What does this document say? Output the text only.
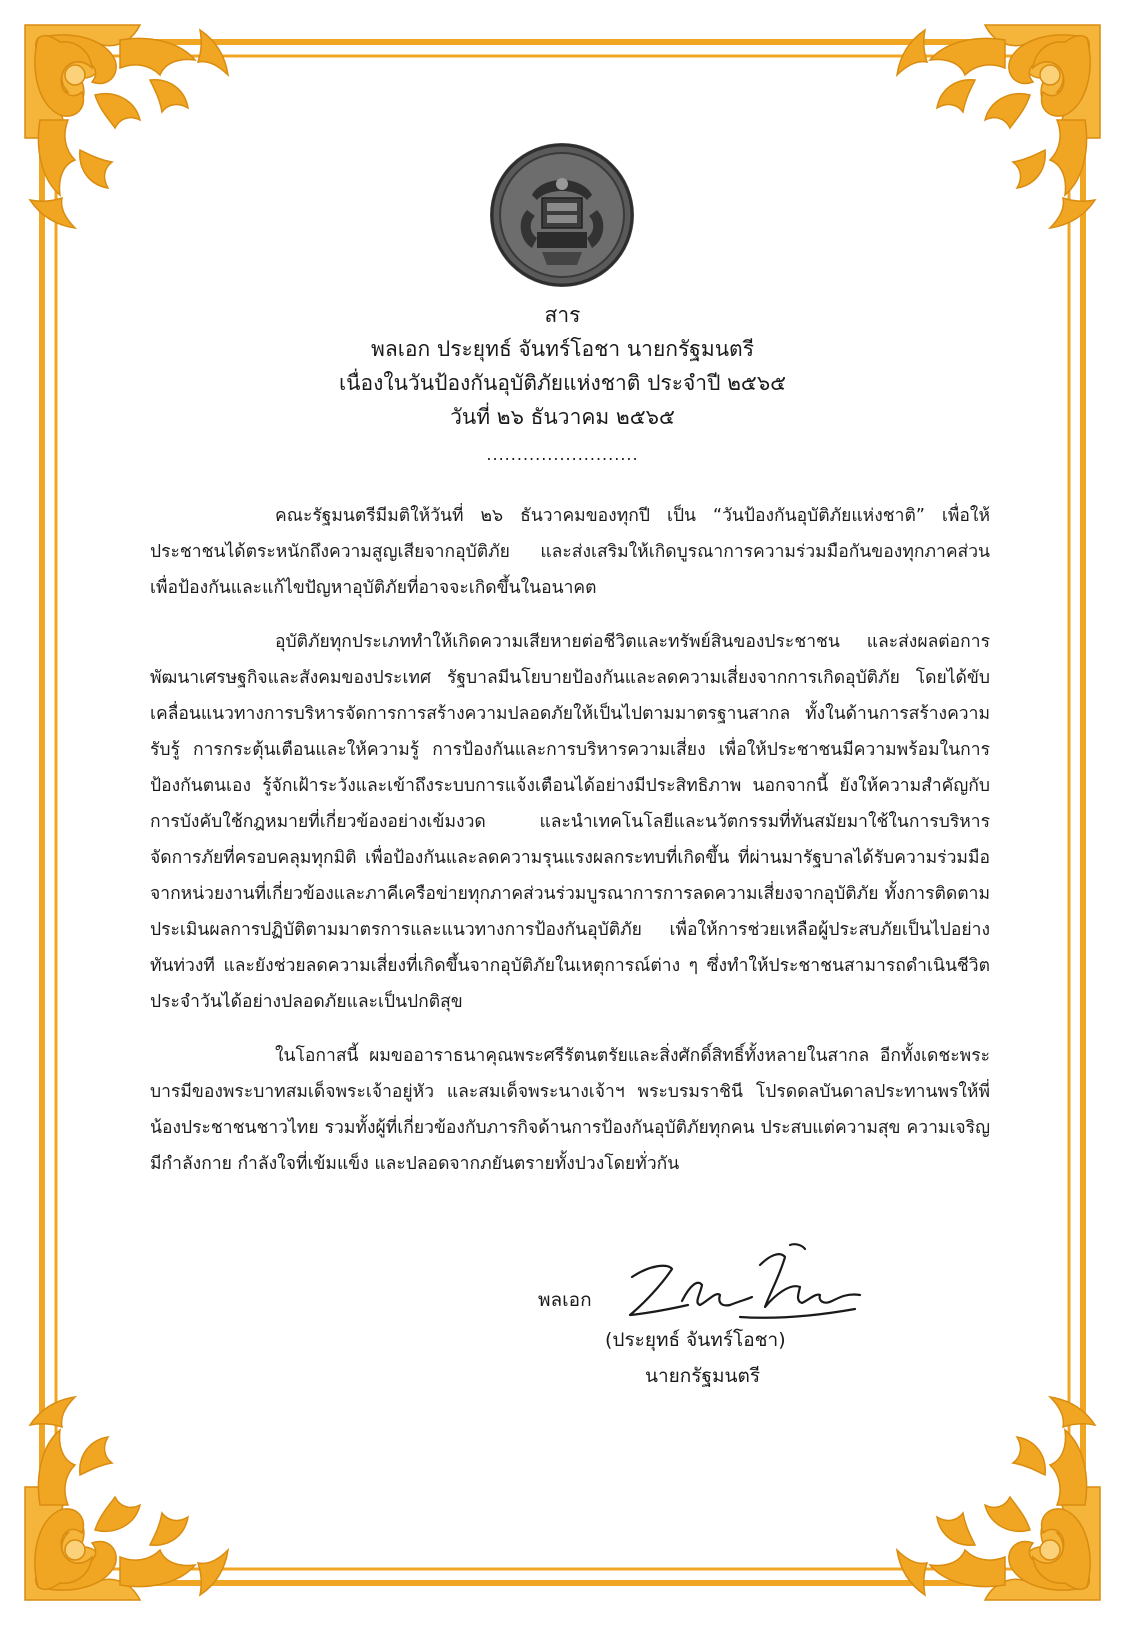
สาร
พลเอก ประยุทธ์ จันทร์โอชา นายกรัฐมนตรี
เนื่องในวันป้องกันอุบัติภัยแห่งชาติ ประจำปี ๒๕๖๕
วันที่ ๒๖ ธันวาคม ๒๕๖๕
.........................

คณะรัฐมนตรีมีมติให้วันที่ ๒๖ ธันวาคมของทุกปี เป็น “วันป้องกันอุบัติภัยแห่งชาติ” เพื่อให้ประชาชนได้ตระหนักถึงความสูญเสียจากอุบัติภัย และส่งเสริมให้เกิดบูรณาการความร่วมมือกันของทุกภาคส่วน เพื่อป้องกันและแก้ไขปัญหาอุบัติภัยที่อาจจะเกิดขึ้นในอนาคต

อุบัติภัยทุกประเภททำให้เกิดความเสียหายต่อชีวิตและทรัพย์สินของประชาชน และส่งผลต่อการพัฒนาเศรษฐกิจและสังคมของประเทศ รัฐบาลมีนโยบายป้องกันและลดความเสี่ยงจากการเกิดอุบัติภัย โดยได้ขับเคลื่อนแนวทางการบริหารจัดการการสร้างความปลอดภัยให้เป็นไปตามมาตรฐานสากล ทั้งในด้านการสร้างความรับรู้ การกระตุ้นเตือนและให้ความรู้ การป้องกันและการบริหารความเสี่ยง เพื่อให้ประชาชนมีความพร้อมในการป้องกันตนเอง รู้จักเฝ้าระวังและเข้าถึงระบบการแจ้งเตือนได้อย่างมีประสิทธิภาพ นอกจากนี้ ยังให้ความสำคัญกับการบังคับใช้กฎหมายที่เกี่ยวข้องอย่างเข้มงวด และนำเทคโนโลยีและนวัตกรรมที่ทันสมัยมาใช้ในการบริหารจัดการภัยที่ครอบคลุมทุกมิติ เพื่อป้องกันและลดความรุนแรงผลกระทบที่เกิดขึ้น ที่ผ่านมารัฐบาลได้รับความร่วมมือจากหน่วยงานที่เกี่ยวข้องและภาคีเครือข่ายทุกภาคส่วนร่วมบูรณาการการลดความเสี่ยงจากอุบัติภัย ทั้งการติดตามประเมินผลการปฏิบัติตามมาตรการและแนวทางการป้องกันอุบัติภัย เพื่อให้การช่วยเหลือผู้ประสบภัยเป็นไปอย่างทันท่วงที และยังช่วยลดความเสี่ยงที่เกิดขึ้นจากอุบัติภัยในเหตุการณ์ต่าง ๆ ซึ่งทำให้ประชาชนสามารถดำเนินชีวิตประจำวันได้อย่างปลอดภัยและเป็นปกติสุข

ในโอกาสนี้ ผมขออาราธนาคุณพระศรีรัตนตรัยและสิ่งศักดิ์สิทธิ์ทั้งหลายในสากล อีกทั้งเดชะพระบารมีของพระบาทสมเด็จพระเจ้าอยู่หัว และสมเด็จพระนางเจ้าฯ พระบรมราชินี โปรดดลบันดาลประทานพรให้พี่น้องประชาชนชาวไทย รวมทั้งผู้ที่เกี่ยวข้องกับภารกิจด้านการป้องกันอุบัติภัยทุกคน ประสบแต่ความสุข ความเจริญ มีกำลังกาย กำลังใจที่เข้มแข็ง และปลอดจากภยันตรายทั้งปวงโดยทั่วกัน

พลเอก
(ประยุทธ์ จันทร์โอชา)
นายกรัฐมนตรี
